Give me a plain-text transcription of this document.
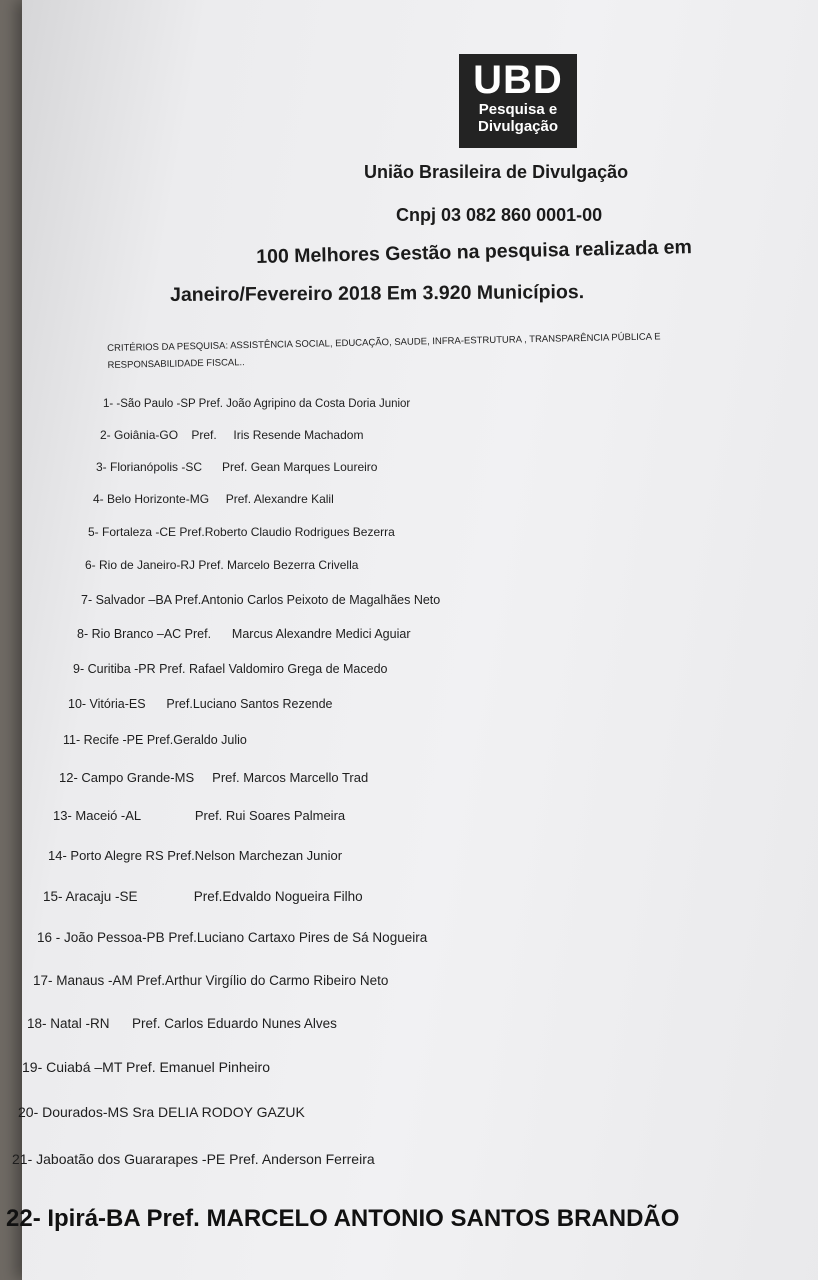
UBD
Pesquisa e
Divulgação
União Brasileira de Divulgação
Cnpj 03 082 860 0001-00
100 Melhores Gestão na pesquisa realizada em
Janeiro/Fevereiro 2018 Em 3.920 Municípios.
CRITÉRIOS DA PESQUISA: ASSISTÊNCIA SOCIAL, EDUCAÇÃO, SAUDE, INFRA-ESTRUTURA , TRANSPARÊNCIA PÚBLICA E RESPONSABILIDADE FISCAL..
1- -São Paulo -SP Pref. João Agripino da Costa Doria Junior
2- Goiânia-GO    Pref.     Iris Resende Machadom
3- Florianópolis -SC      Pref. Gean Marques Loureiro
4- Belo Horizonte-MG     Pref. Alexandre Kalil
5- Fortaleza -CE Pref.Roberto Claudio Rodrigues Bezerra
6- Rio de Janeiro-RJ Pref. Marcelo Bezerra Crivella
7- Salvador –BA Pref.Antonio Carlos Peixoto de Magalhães Neto
8- Rio Branco –AC Pref.      Marcus Alexandre Medici Aguiar
9- Curitiba -PR Pref. Rafael Valdomiro Grega de Macedo
10- Vitória-ES      Pref.Luciano Santos Rezende
11- Recife -PE Pref.Geraldo Julio
12- Campo Grande-MS     Pref. Marcos Marcello Trad
13- Maceió -AL               Pref. Rui Soares Palmeira
14- Porto Alegre RS Pref.Nelson Marchezan Junior
15- Aracaju -SE               Pref.Edvaldo Nogueira Filho
16 - João Pessoa-PB Pref.Luciano Cartaxo Pires de Sá Nogueira
17- Manaus -AM Pref.Arthur Virgílio do Carmo Ribeiro Neto
18- Natal -RN      Pref. Carlos Eduardo Nunes Alves
19- Cuiabá –MT Pref. Emanuel Pinheiro
20- Dourados-MS Sra DELIA RODOY GAZUK
21- Jaboatão dos Guararapes -PE Pref. Anderson Ferreira
22- Ipirá-BA Pref. MARCELO ANTONIO SANTOS BRANDÃO
